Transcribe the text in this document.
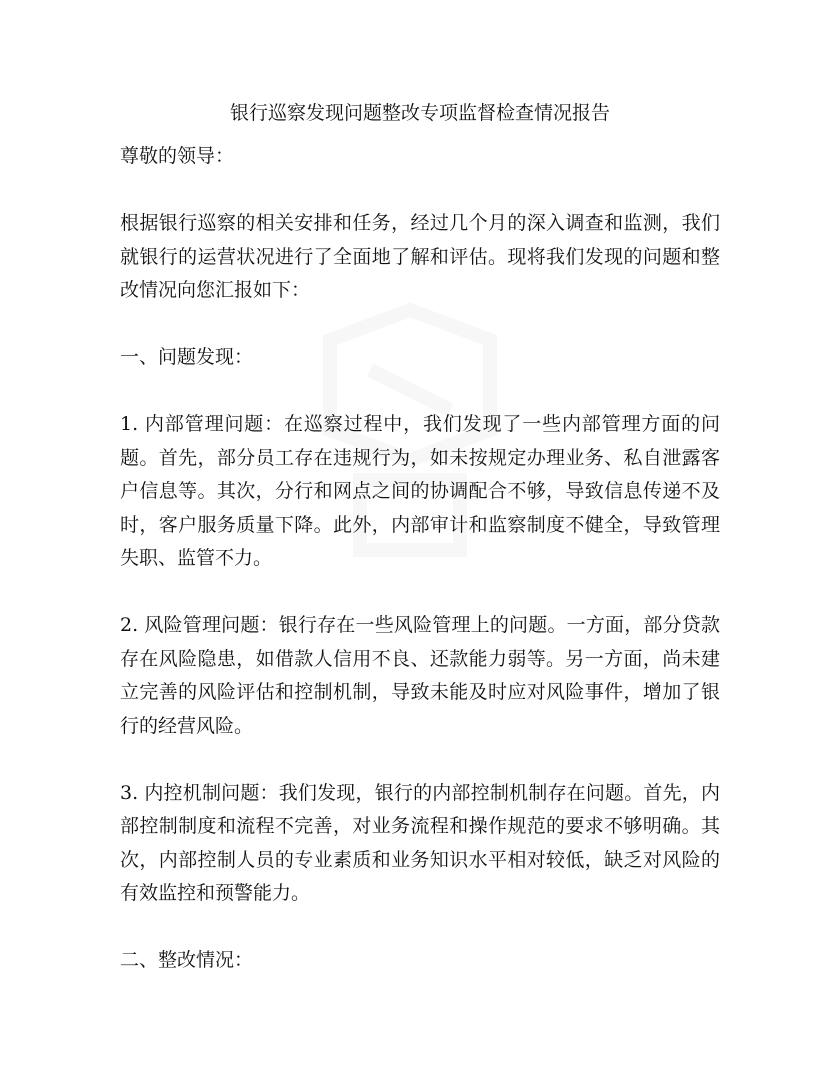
银行巡察发现问题整改专项监督检查情况报告

尊敬的领导：

根据银行巡察的相关安排和任务，经过几个月的深入调查和监测，我们就银行的运营状况进行了全面地了解和评估。现将我们发现的问题和整改情况向您汇报如下：

一、问题发现：

1. 内部管理问题：在巡察过程中，我们发现了一些内部管理方面的问题。首先，部分员工存在违规行为，如未按规定办理业务、私自泄露客户信息等。其次，分行和网点之间的协调配合不够，导致信息传递不及时，客户服务质量下降。此外，内部审计和监察制度不健全，导致管理失职、监管不力。

2. 风险管理问题：银行存在一些风险管理上的问题。一方面，部分贷款存在风险隐患，如借款人信用不良、还款能力弱等。另一方面，尚未建立完善的风险评估和控制机制，导致未能及时应对风险事件，增加了银行的经营风险。

3. 内控机制问题：我们发现，银行的内部控制机制存在问题。首先，内部控制制度和流程不完善，对业务流程和操作规范的要求不够明确。其次，内部控制人员的专业素质和业务知识水平相对较低，缺乏对风险的有效监控和预警能力。

二、整改情况：
